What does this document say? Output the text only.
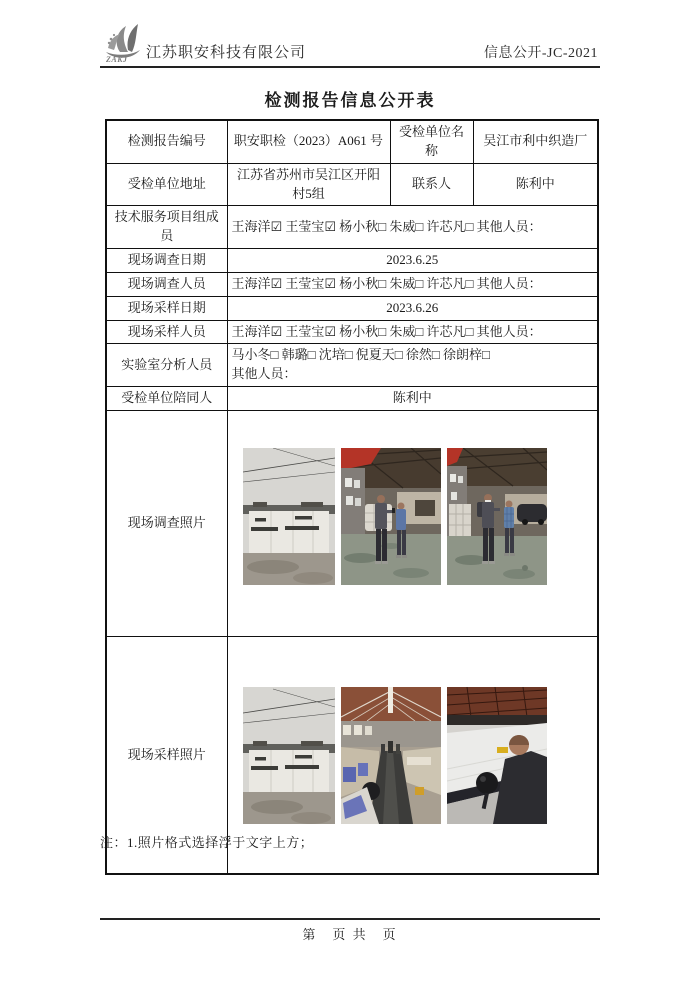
ZAKJ 江苏职安科技有限公司	信息公开-JC-2021
检测报告信息公开表
检测报告编号	职安职检（2023）A061 号	受检单位名称	吴江市利中织造厂
受检单位地址	江苏省苏州市吴江区开阳村5组	联系人	陈利中
技术服务项目组成员	王海洋☑ 王莹宝☑ 杨小秋□ 朱威□ 许芯凡□ 其他人员：		
现场调查日期	2023.6.25		
现场调查人员	王海洋☑ 王莹宝☑ 杨小秋□ 朱威□ 许芯凡□ 其他人员：		
现场采样日期	2023.6.26		
现场采样人员	王海洋☑ 王莹宝☑ 杨小秋□ 朱威□ 许芯凡□ 其他人员：		
实验室分析人员	马小冬□ 韩璐□ 沈培□ 倪夏天□ 徐然□ 徐朗梓□
其他人员：		

受检单位陪同人	陈利中		
现场调查照片	

现场采样照片	
注：1.照片格式选择浮于文字上方；
第　页 共　页
